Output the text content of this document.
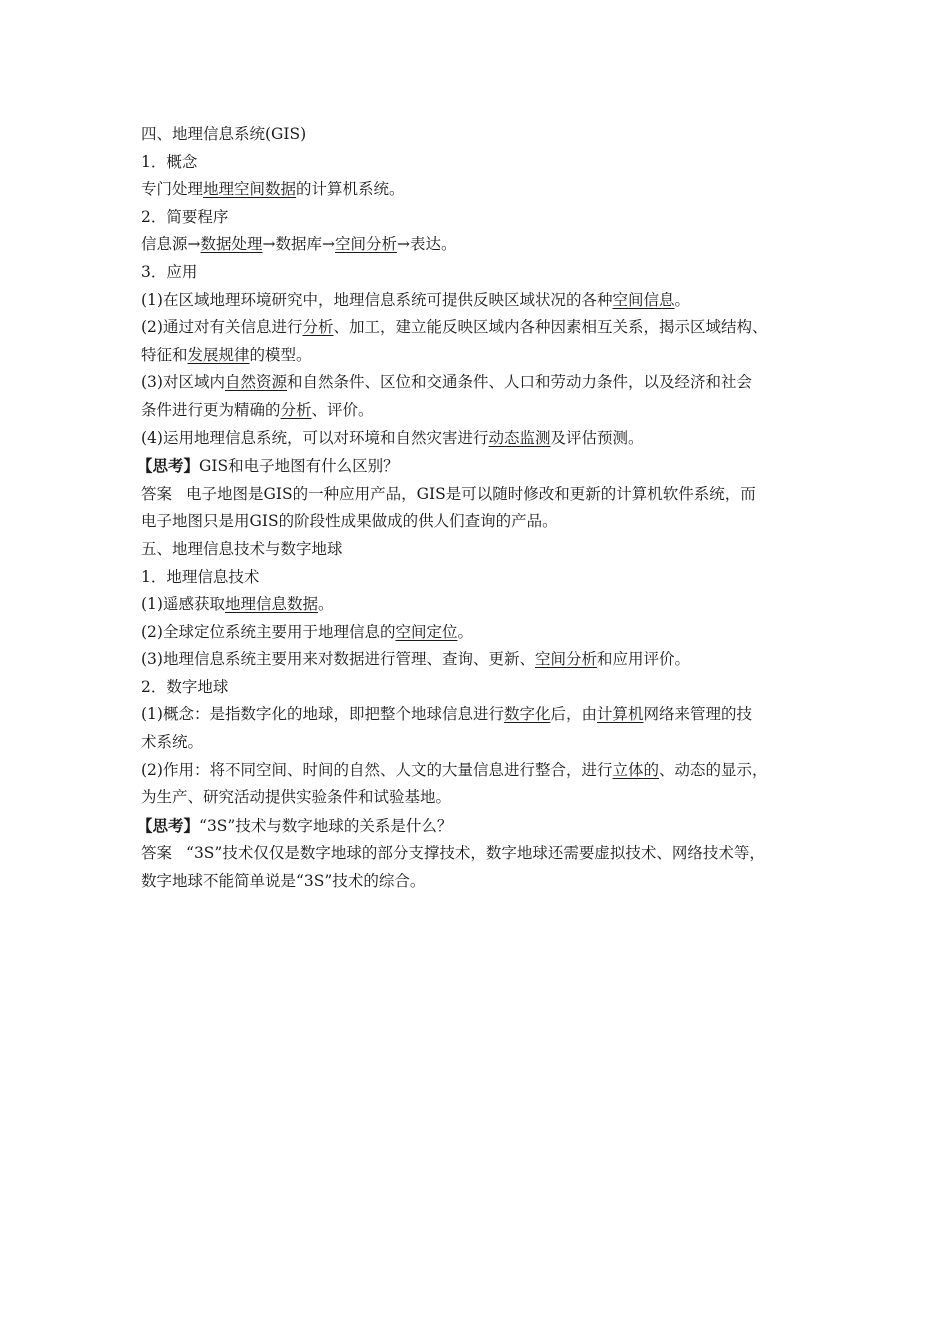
四、地理信息系统(GIS)
1．概念
专门处理地理空间数据的计算机系统。
2．简要程序
信息源→数据处理→数据库→空间分析→表达。
3．应用
(1)在区域地理环境研究中，地理信息系统可提供反映区域状况的各种空间信息。
(2)通过对有关信息进行分析、加工，建立能反映区域内各种因素相互关系，揭示区域结构、
特征和发展规律的模型。
(3)对区域内自然资源和自然条件、区位和交通条件、人口和劳动力条件，以及经济和社会
条件进行更为精确的分析、评价。
(4)运用地理信息系统，可以对环境和自然灾害进行动态监测及评估预测。
【思考】GIS和电子地图有什么区别？
答案 电子地图是GIS的一种应用产品，GIS是可以随时修改和更新的计算机软件系统，而
电子地图只是用GIS的阶段性成果做成的供人们查询的产品。
五、地理信息技术与数字地球
1．地理信息技术
(1)遥感获取地理信息数据。
(2)全球定位系统主要用于地理信息的空间定位。
(3)地理信息系统主要用来对数据进行管理、查询、更新、空间分析和应用评价。
2．数字地球
(1)概念：是指数字化的地球，即把整个地球信息进行数字化后，由计算机网络来管理的技
术系统。
(2)作用：将不同空间、时间的自然、人文的大量信息进行整合，进行立体的、动态的显示，
为生产、研究活动提供实验条件和试验基地。
【思考】“3S”技术与数字地球的关系是什么？
答案 “3S”技术仅仅是数字地球的部分支撑技术，数字地球还需要虚拟技术、网络技术等，
数字地球不能简单说是“3S”技术的综合。
